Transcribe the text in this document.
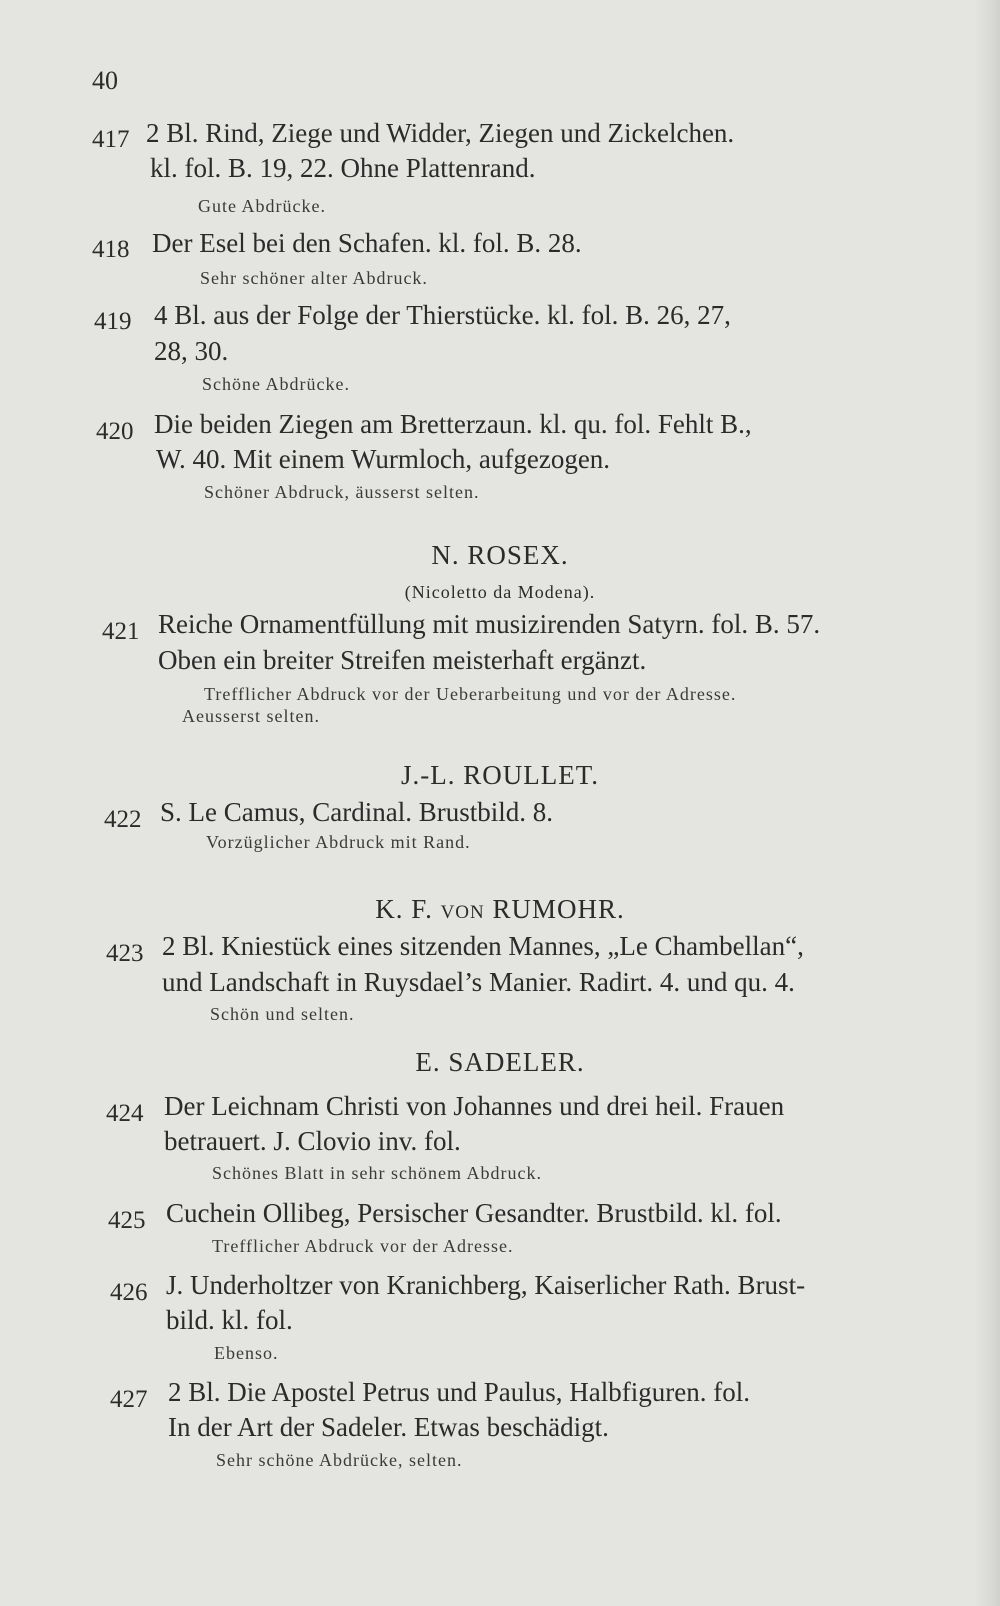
40
417 2 Bl. Rind, Ziege und Widder, Ziegen und Zickelchen.
kl. fol. B. 19, 22. Ohne Plattenrand.
Gute Abdrücke.
418 Der Esel bei den Schafen. kl. fol. B. 28.
Sehr schöner alter Abdruck.
419 4 Bl. aus der Folge der Thierstücke. kl. fol. B. 26, 27,
28, 30.
Schöne Abdrücke.
420 Die beiden Ziegen am Bretterzaun. kl. qu. fol. Fehlt B.,
W. 40. Mit einem Wurmloch, aufgezogen.
Schöner Abdruck, äusserst selten.
N. ROSEX.
(Nicoletto da Modena).
421 Reiche Ornamentfüllung mit musizirenden Satyrn. fol. B. 57.
Oben ein breiter Streifen meisterhaft ergänzt.
Trefflicher Abdruck vor der Ueberarbeitung und vor der Adresse.
Aeusserst selten.
J.-L. ROULLET.
422 S. Le Camus, Cardinal. Brustbild. 8.
Vorzüglicher Abdruck mit Rand.
K. F. VON RUMOHR.
423 2 Bl. Kniestück eines sitzenden Mannes, „Le Chambellan“,
und Landschaft in Ruysdael’s Manier. Radirt. 4. und qu. 4.
Schön und selten.
E. SADELER.
424 Der Leichnam Christi von Johannes und drei heil. Frauen
betrauert. J. Clovio inv. fol.
Schönes Blatt in sehr schönem Abdruck.
425 Cuchein Ollibeg, Persischer Gesandter. Brustbild. kl. fol.
Trefflicher Abdruck vor der Adresse.
426 J. Underholtzer von Kranichberg, Kaiserlicher Rath. Brust-
bild. kl. fol.
Ebenso.
427 2 Bl. Die Apostel Petrus und Paulus, Halbfiguren. fol.
In der Art der Sadeler. Etwas beschädigt.
Sehr schöne Abdrücke, selten.
